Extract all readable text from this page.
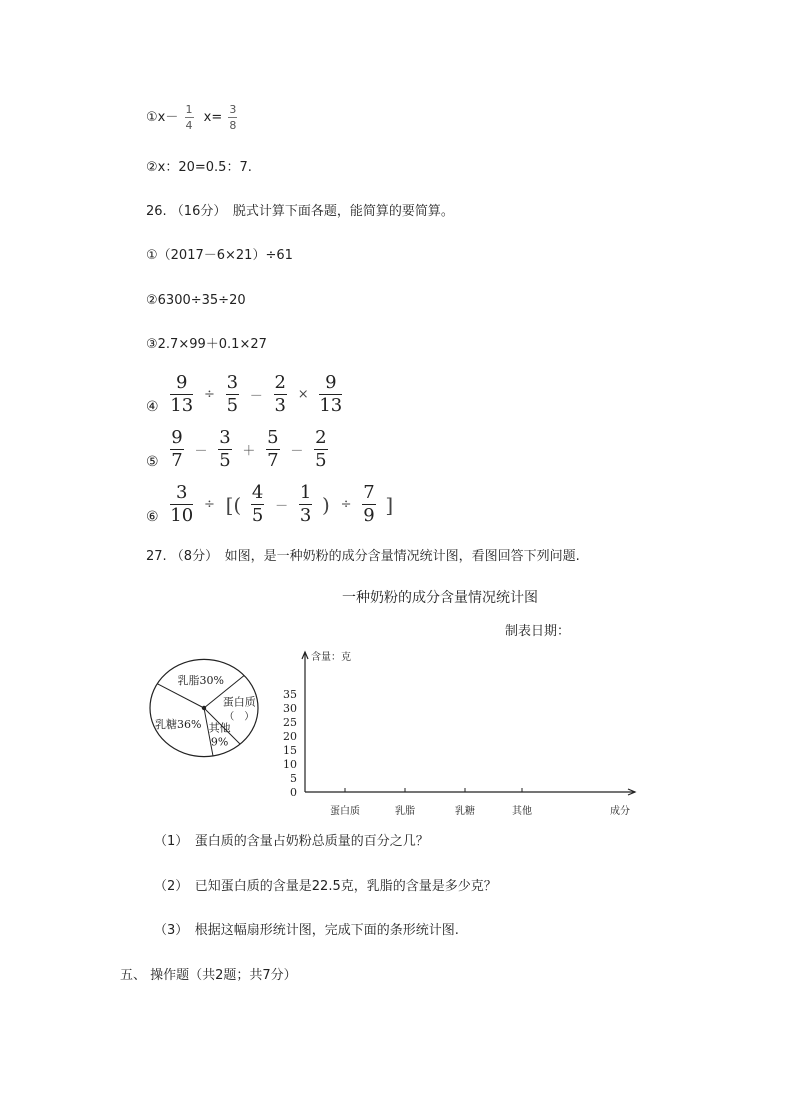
①x－ $\frac{1}{4} x= \frac{3}{8}$
②x：20=0.5：7.
26. （16分）　脱式计算下面各题，能简算的要简算。
①（2017－6×21）÷61
②6300÷35÷20
③2.7×99＋0.1×27
④ $\frac{9}{13} \div \frac{3}{5} - \frac{2}{3} \times \frac{9}{13}$
⑤ $\frac{9}{7} - \frac{3}{5} + \frac{5}{7} - \frac{2}{5}$
⑥ $\frac{3}{10}$ ÷ [( $\frac{4}{5} - \frac{1}{3}$ ) ÷ $\frac{7}{9}$ ]
27. （8分）　如图，是一种奶粉的成分含量情况统计图，看图回答下列问题.
一种奶粉的成分含量情况统计图
制表日期：
乳脂30%
蛋白质
（　）
其他
9%
乳糖36%
含量：克
成分
0
5
10
15
20
25
30
35
蛋白质	乳脂	乳糖	其他
（1）　蛋白质的含量占奶粉总质量的百分之几？
（2）　已知蛋白质的含量是22.5克，乳脂的含量是多少克？
（3）　根据这幅扇形统计图，完成下面的条形统计图.
五、 操作题（共2题；共7分）
